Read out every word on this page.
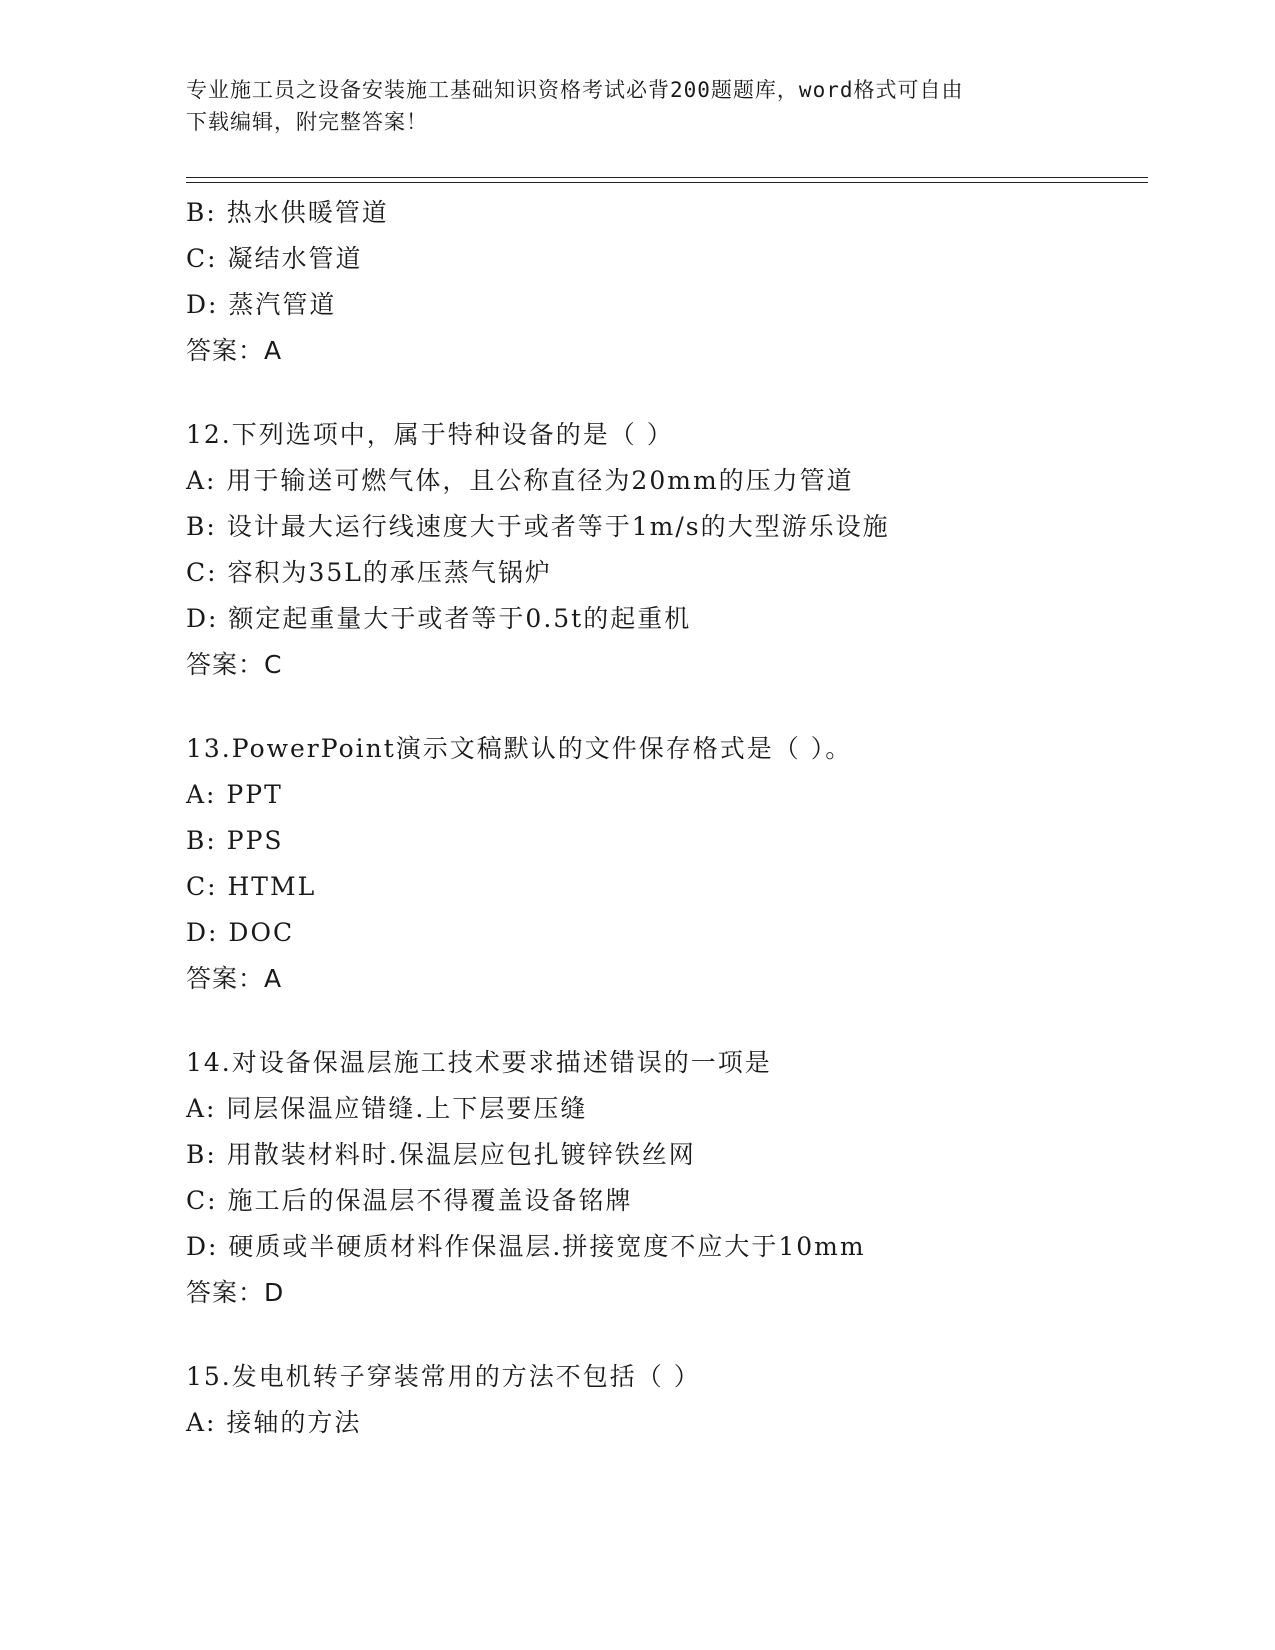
专业施工员之设备安装施工基础知识资格考试必背200题题库，word格式可自由
下载编辑，附完整答案！
B: 热水供暖管道
C: 凝结水管道
D: 蒸汽管道
答案：A
12.下列选项中，属于特种设备的是（ ）
A: 用于输送可燃气体，且公称直径为20mm的压力管道
B: 设计最大运行线速度大于或者等于1m/s的大型游乐设施
C: 容积为35L的承压蒸气锅炉
D: 额定起重量大于或者等于0.5t的起重机
答案：C
13.PowerPoint演示文稿默认的文件保存格式是（ ）。
A: PPT
B: PPS
C: HTML
D: DOC
答案：A
14.对设备保温层施工技术要求描述错误的一项是
A: 同层保温应错缝.上下层要压缝
B: 用散装材料时.保温层应包扎镀锌铁丝网
C: 施工后的保温层不得覆盖设备铭牌
D: 硬质或半硬质材料作保温层.拼接宽度不应大于10mm
答案：D
15.发电机转子穿装常用的方法不包括（ ）
A: 接轴的方法
